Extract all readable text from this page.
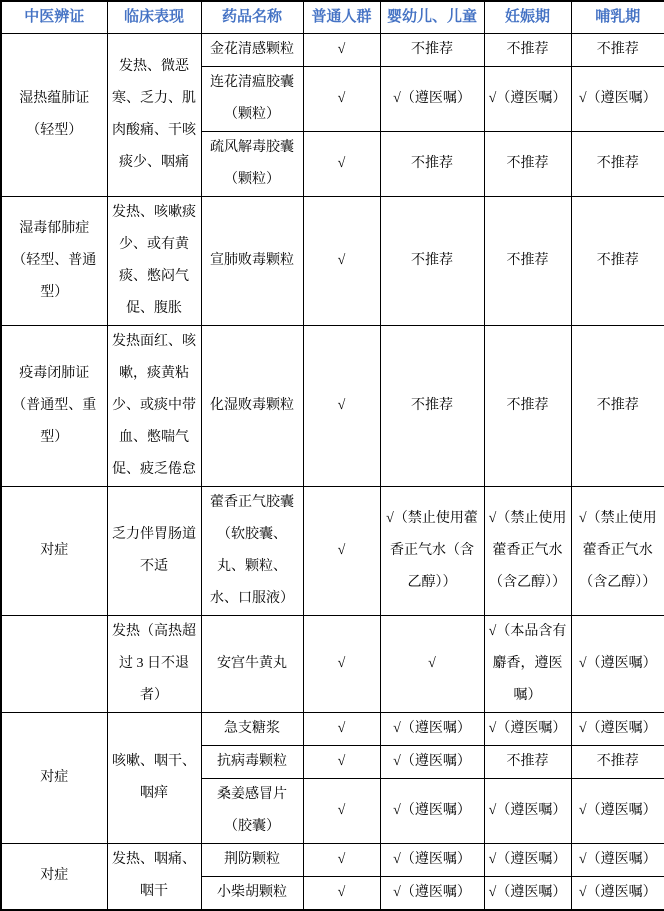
中医辨证	临床表现	药品名称	普通人群	婴幼儿、儿童	妊娠期	哺乳期
湿热蕴肺证（轻型）	发热、微恶寒、乏力、肌肉酸痛、干咳痰少、咽痛	金花清感颗粒	√	不推荐	不推荐	不推荐
		连花清瘟胶囊（颗粒）	√	√（遵医嘱）	√（遵医嘱）	√（遵医嘱）
		疏风解毒胶囊（颗粒）	√	不推荐	不推荐	不推荐
湿毒郁肺症（轻型、普通型）	发热、咳嗽痰少、或有黄痰、憋闷气促、腹胀	宣肺败毒颗粒	√	不推荐	不推荐	不推荐
疫毒闭肺证（普通型、重型）	发热面红、咳嗽，痰黄粘少、或痰中带血、憋喘气促、疲乏倦怠	化湿败毒颗粒	√	不推荐	不推荐	不推荐
对症	乏力伴胃肠道不适	藿香正气胶囊（软胶囊、丸、颗粒、水、口服液）	√	√（禁止使用藿香正气水（含乙醇））	√（禁止使用藿香正气水（含乙醇））	√（禁止使用藿香正气水（含乙醇））
	发热（高热超过 3 日不退者）	安宫牛黄丸	√	√	√（本品含有麝香，遵医嘱）	√（遵医嘱）
对症	咳嗽、咽干、咽痒	急支糖浆	√	√（遵医嘱）	√（遵医嘱）	√（遵医嘱）
		抗病毒颗粒	√	√（遵医嘱）	不推荐	不推荐
		桑姜感冒片（胶囊）	√	√（遵医嘱）	√（遵医嘱）	√（遵医嘱）
对症	发热、咽痛、咽干	荆防颗粒	√	√（遵医嘱）	√（遵医嘱）	√（遵医嘱）
		小柴胡颗粒	√	√（遵医嘱）	√（遵医嘱）	√（遵医嘱）
